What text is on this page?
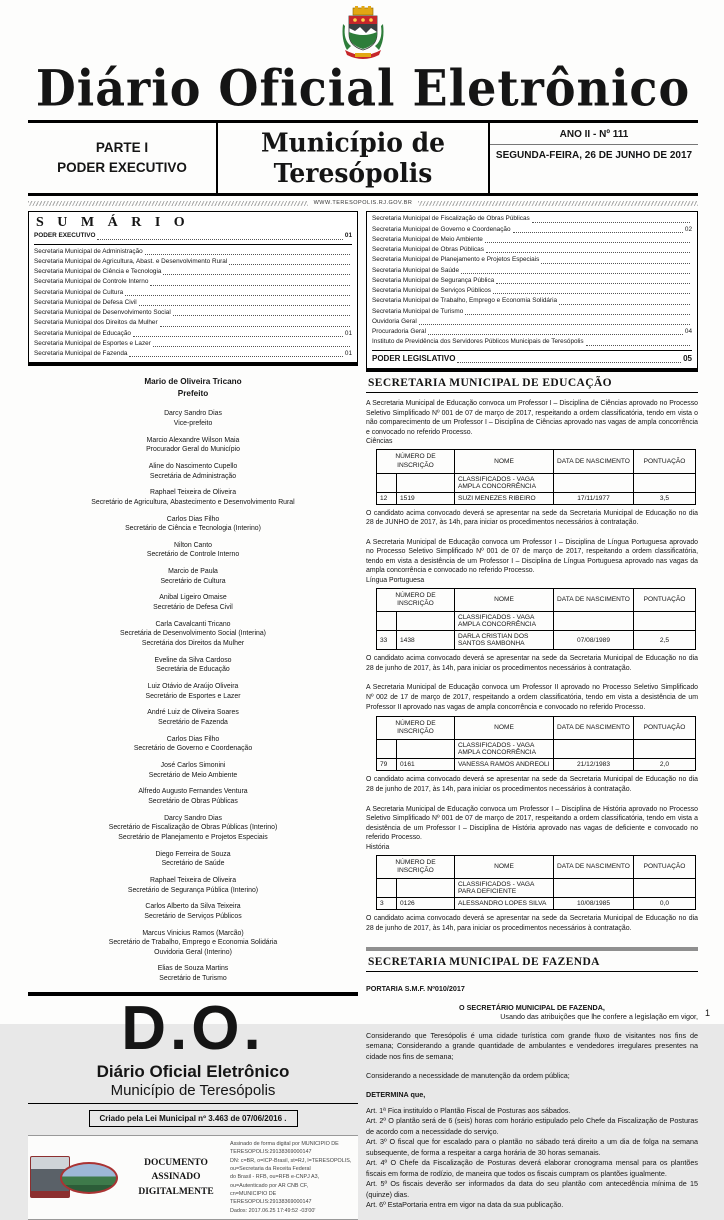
Diário Oficial Eletrônico
PARTE I
PODER EXECUTIVO
Município de Teresópolis
ANO II - Nº 111
SEGUNDA-FEIRA, 26 DE JUNHO DE 2017
WWW.TERESOPOLIS.RJ.GOV.BR
S U M Á R I O
PODER EXECUTIVO	01
Secretaria Municipal de Administração
Secretaria Municipal de Agricultura, Abast. e Desenvolvimento Rural
Secretaria Municipal de Ciência e Tecnologia
Secretaria Municipal de Controle Interno
Secretaria Municipal de Cultura
Secretaria Municipal de Defesa Civil
Secretaria Municipal de Desenvolvimento Social
Secretaria Municipal dos Direitos da Mulher
Secretaria Municipal de Educação	01
Secretaria Municipal de Esportes e Lazer
Secretaria Municipal de Fazenda	01
Mario de Oliveira Tricano
Prefeito
Darcy Sandro Dias
Vice-prefeito
Marcio Alexandre Wilson Maia
Procurador Geral do Município
Aline do Nascimento Cupello
Secretária de Administração
Raphael Teixeira de Oliveira
Secretário de Agricultura, Abastecimento e Desenvolvimento Rural
Carlos Dias Filho
Secretário de Ciência e Tecnologia (Interino)
Nilton Canto
Secretário de Controle Interno
Marcio de Paula
Secretário de Cultura
Anibal Ligeiro Omaise
Secretário de Defesa Civil
Carla Cavalcanti Tricano
Secretária de Desenvolvimento Social (Interina)
Secretária dos Direitos da Mulher
Eveline da Silva Cardoso
Secretária de Educação
Luiz Otávio de Araújo Oliveira
Secretário de Esportes e Lazer
André Luiz de Oliveira Soares
Secretário de Fazenda
Carlos Dias Filho
Secretário de Governo e Coordenação
José Carlos Simonini
Secretário de Meio Ambiente
Alfredo Augusto Fernandes Ventura
Secretário de Obras Públicas
Darcy Sandro Dias
Secretário de Fiscalização de Obras Públicas (Interino)
Secretário de Planejamento e Projetos Especiais
Diego Ferreira de Souza
Secretário de Saúde
Raphael Teixeira de Oliveira
Secretário de Segurança Pública (Interino)
Carlos Alberto da Silva Teixeira
Secretário de Serviços Públicos
Marcus Vinicius Ramos (Marcão)
Secretário de Trabalho, Emprego e Economia Solidária
Ouvidoria Geral (Interino)
Elias de Souza Martins
Secretário de Turismo
D.O.
Diário Oficial Eletrônico
Município de Teresópolis
Criado pela Lei Municipal nº 3.463 de 07/06/2016 .
DOCUMENTO ASSINADO DIGITALMENTE
Assinado de forma digital por MUNICIPIO DE TERESOPOLIS:29138369000147
DN: c=BR, o=ICP-Brasil, st=RJ, l=TERESOPOLIS, ou=Secretaria da Receita Federal
do Brasil - RFB, ou=RFB e-CNPJ A3, ou=Autenticado por AR CNB CF,
cn=MUNICIPIO DE TERESOPOLIS:29138369000147
Dados: 2017.06.25 17:49:52 -03'00'
Secretaria Municipal de Fiscalização de Obras Públicas
Secretaria Municipal de Governo e Coordenação	02
Secretaria Municipal de Meio Ambiente
Secretaria Municipal de Obras Públicas
Secretaria Municipal de Planejamento e Projetos Especiais
Secretaria Municipal de Saúde
Secretaria Municipal de Segurança Pública
Secretaria Municipal de Serviços Públicos
Secretaria Municipal de Trabalho, Emprego e Economia Solidária
Secretaria Municipal de Turismo
Ouvidoria Geral
Procuradoria Geral	04
Instituto de Previdência dos Servidores Públicos Municipais de Teresópolis
PODER LEGISLATIVO	05
SECRETARIA MUNICIPAL DE EDUCAÇÃO
A Secretaria Municipal de Educação convoca um Professor I – Disciplina de Ciências aprovado no Processo Seletivo Simplificado Nº 001 de 07 de março de 2017, respeitando a ordem classificatória, tendo em vista o não comparecimento de um Professor I – Disciplina de Ciências aprovado nas vagas de ampla concorrência e convocado no referido Processo.
Ciências
NÚMERO DE INSCRIÇÃO		NOME	DATA DE NASCIMENTO	PONTUAÇÃO
		CLASSIFICADOS - VAGA AMPLA CONCORRÊNCIA		
12	1519	SUZI MENEZES RIBEIRO	17/11/1977	3,5
O candidato acima convocado deverá se apresentar na sede da Secretaria Municipal de Educação no dia 28 de JUNHO de 2017, às 14h, para iniciar os procedimentos necessários à contratação.
A Secretaria Municipal de Educação convoca um Professor I – Disciplina de Língua Portuguesa aprovado no Processo Seletivo Simplificado Nº 001 de 07 de março de 2017, respeitando a ordem classificatória, tendo em vista a desistência de um Professor I – Disciplina de Língua Portuguesa aprovado nas vagas da ampla concorrência e convocado no referido Processo.
Língua Portuguesa
NÚMERO DE INSCRIÇÃO		NOME	DATA DE NASCIMENTO	PONTUAÇÃO
		CLASSIFICADOS - VAGA AMPLA CONCORRÊNCIA		
33	1438	DARLA CRISTIAN DOS SANTOS SAMBONHA	07/08/1989	2,5
O candidato acima convocado deverá se apresentar na sede da Secretaria Municipal de Educação no dia 28 de junho de 2017, às 14h, para iniciar os procedimentos necessários à contratação.
A Secretaria Municipal de Educação convoca um Professor II aprovado no Processo Seletivo Simplificado Nº 002 de 17 de março de 2017, respeitando a ordem classificatória, tendo em vista a desistência de um Professor II aprovado nas vagas de ampla concorrência e convocado no referido Processo.
NÚMERO DE INSCRIÇÃO		NOME	DATA DE NASCIMENTO	PONTUAÇÃO
		CLASSIFICADOS - VAGA AMPLA CONCORRÊNCIA		
79	0161	VANESSA RAMOS ANDREOLI	21/12/1983	2,0
O candidato acima convocado deverá se apresentar na sede da Secretaria Municipal de Educação no dia 28 de junho de 2017, às 14h, para iniciar os procedimentos necessários à contratação.
A Secretaria Municipal de Educação convoca um Professor I – Disciplina de História aprovado no Processo Seletivo Simplificado Nº 001 de 07 de março de 2017, respeitando a ordem classificatória, tendo em vista a desistência de um Professor I – Disciplina de História aprovado nas vagas de deficiente e convocado no referido Processo.
História
NÚMERO DE INSCRIÇÃO		NOME	DATA DE NASCIMENTO	PONTUAÇÃO
		CLASSIFICADOS - VAGA PARA DEFICIENTE		
3	0126	ALESSANDRO LOPES SILVA	10/08/1985	0,0
O candidato acima convocado deverá se apresentar na sede da Secretaria Municipal de Educação no dia 28 de junho de 2017, às 14h, para iniciar os procedimentos necessários à contratação.
SECRETARIA MUNICIPAL DE FAZENDA
PORTARIA S.M.F. Nº010/2017
O SECRETÁRIO MUNICIPAL DE FAZENDA,
Usando das atribuições que lhe confere a legislação em vigor,
Considerando que Teresópolis é uma cidade turística com grande fluxo de visitantes nos fins de semana; Considerando a grande quantidade de ambulantes e vendedores irregulares presentes na cidade nos fins de semana;
Considerando a necessidade de manutenção da ordem pública;
DETERMINA que,
Art. 1ª Fica instituído o Plantão Fiscal de Posturas aos sábados.
Art. 2º O plantão será de 6 (seis) horas com horário estipulado pelo Chefe da Fiscalização de Posturas de acordo com a necessidade do serviço.
Art. 3º O fiscal que for escalado para o plantão no sábado terá direito a um dia de folga na semana subsequente, de forma a respeitar a carga horária de 30 horas semanais.
Art. 4º O Chefe da Fiscalização de Posturas deverá elaborar cronograma mensal para os plantões fiscais em forma de rodízio, de maneira que todos os fiscais cumpram os plantões igualmente.
Art. 5º Os fiscais deverão ser informados da data do seu plantão com antecedência mínima de 15 (quinze) dias.
Art. 6º EstaPortaria entra em vigor na data da sua publicação.
1
